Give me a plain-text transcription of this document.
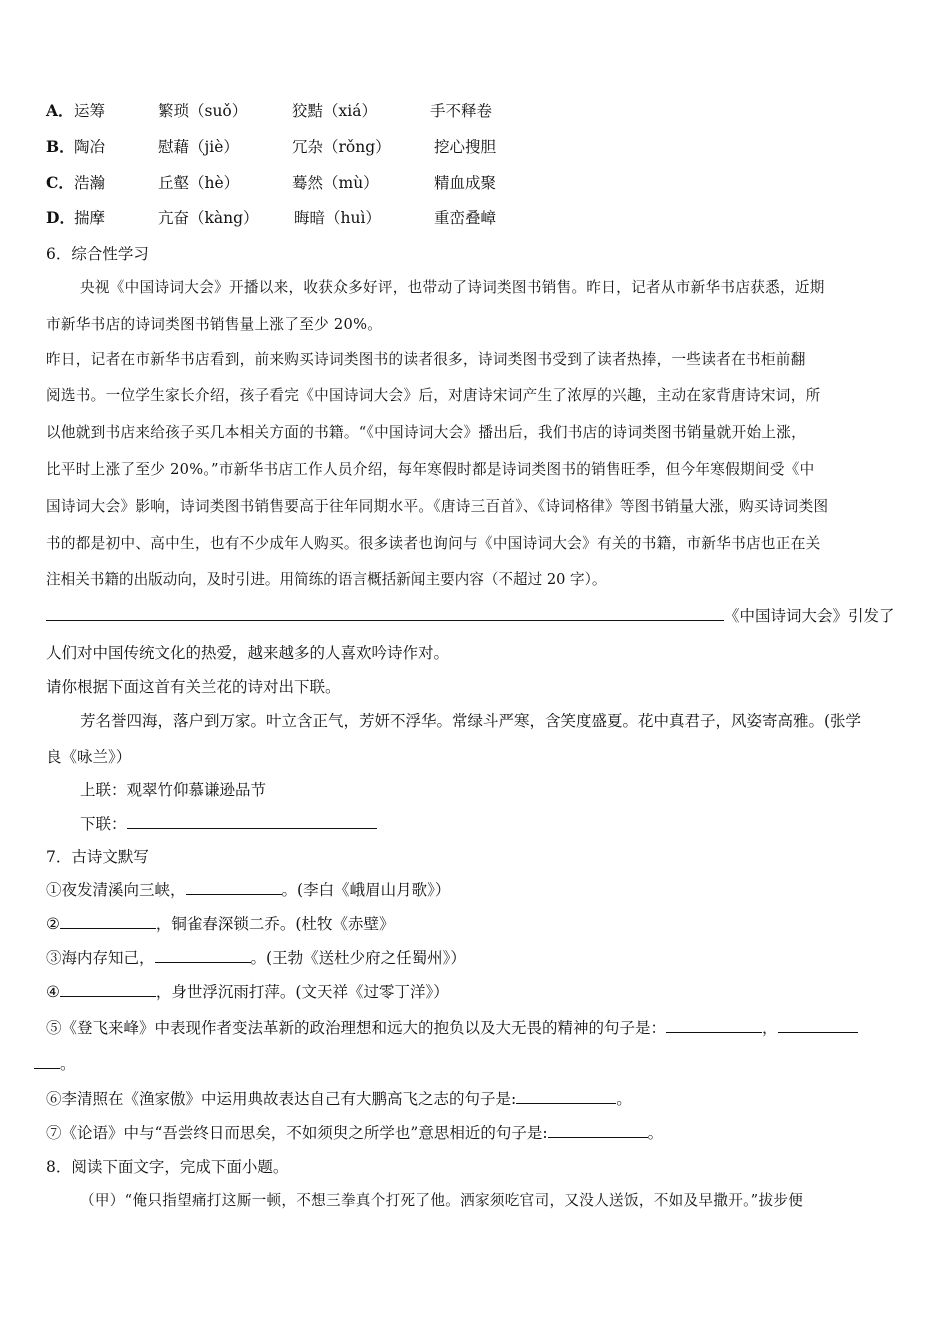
A． 运筹	繁琐（suǒ）	狡黠（xiá）	手不释卷
B． 陶冶	慰藉（jiè）	冗杂（rǒng）	挖心搜胆
C． 浩瀚	丘壑（hè）	蓦然（mù）	精血成聚
D． 揣摩	亢奋（kàng） 晦暗（huì）	重峦叠嶂
6．综合性学习
央视《中国诗词大会》开播以来，收获众多好评，也带动了诗词类图书销售。昨日，记者从市新华书店获悉，近期
市新华书店的诗词类图书销售量上涨了至少 20%。
昨日，记者在市新华书店看到，前来购买诗词类图书的读者很多，诗词类图书受到了读者热捧，一些读者在书柜前翻
阅选书。一位学生家长介绍，孩子看完《中国诗词大会》后，对唐诗宋词产生了浓厚的兴趣，主动在家背唐诗宋词，所
以他就到书店来给孩子买几本相关方面的书籍。“《中国诗词大会》播出后，我们书店的诗词类图书销量就开始上涨，
比平时上涨了至少 20%。”市新华书店工作人员介绍，每年寒假时都是诗词类图书的销售旺季，但今年寒假期间受《中
国诗词大会》影响，诗词类图书销售要高于往年同期水平。《唐诗三百首》、《诗词格律》等图书销量大涨，购买诗词类图
书的都是初中、高中生，也有不少成年人购买。很多读者也询问与《中国诗词大会》有关的书籍，市新华书店也正在关
注相关书籍的出版动向，及时引进。用简练的语言概括新闻主要内容（不超过 20 字）。
《中国诗词大会》引发了
人们对中国传统文化的热爱，越来越多的人喜欢吟诗作对。
请你根据下面这首有关兰花的诗对出下联。
芳名誉四海，落户到万家。叶立含正气，芳妍不浮华。常绿斗严寒，含笑度盛夏。花中真君子，风姿寄高雅。(张学
良《咏兰》）
上联：观翠竹仰慕谦逊品节
下联：
7．古诗文默写
①夜发清溪向三峡，	。(李白《峨眉山月歌》）
②	，铜雀春深锁二乔。(杜牧《赤壁》
③海内存知己，	。(王勃《送杜少府之任蜀州》）
④	，身世浮沉雨打萍。(文天祥《过零丁洋》）
⑤《登飞来峰》中表现作者变法革新的政治理想和远大的抱负以及大无畏的精神的句子是：	，
。
⑥李清照在《渔家傲》中运用典故表达自己有大鹏高飞之志的句子是:	。
⑦《论语》中与“吾尝终日而思矣，不如须臾之所学也”意思相近的句子是:	。
8．阅读下面文字，完成下面小题。
（甲）“俺只指望痛打这厮一顿，不想三拳真个打死了他。洒家须吃官司，又没人送饭，不如及早撒开。”拔步便
